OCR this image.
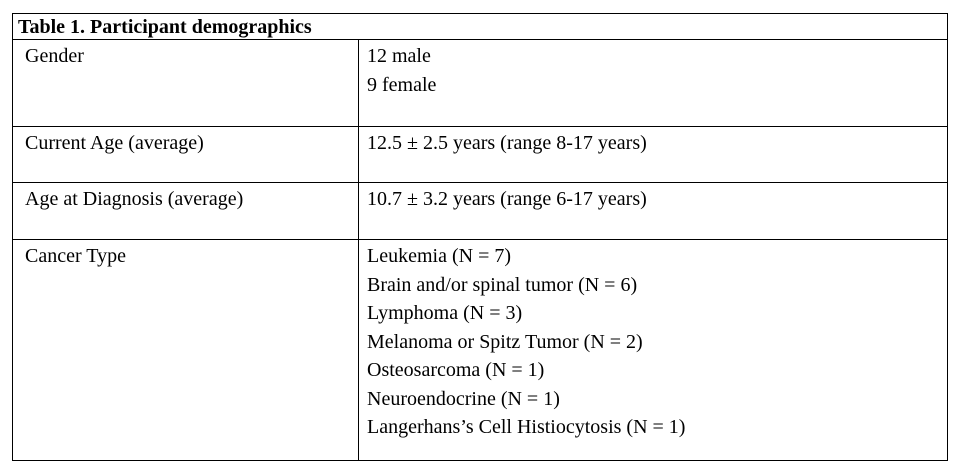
Table 1. Participant demographics
Gender	12 male
9 female
Current Age (average)	12.5 ± 2.5 years (range 8-17 years)
Age at Diagnosis (average)	10.7 ± 3.2 years (range 6-17 years)
Cancer Type	Leukemia (N = 7)
Brain and/or spinal tumor (N = 6)
Lymphoma (N = 3)
Melanoma or Spitz Tumor (N = 2)
Osteosarcoma (N = 1)
Neuroendocrine (N = 1)
Langerhans’s Cell Histiocytosis (N = 1)
